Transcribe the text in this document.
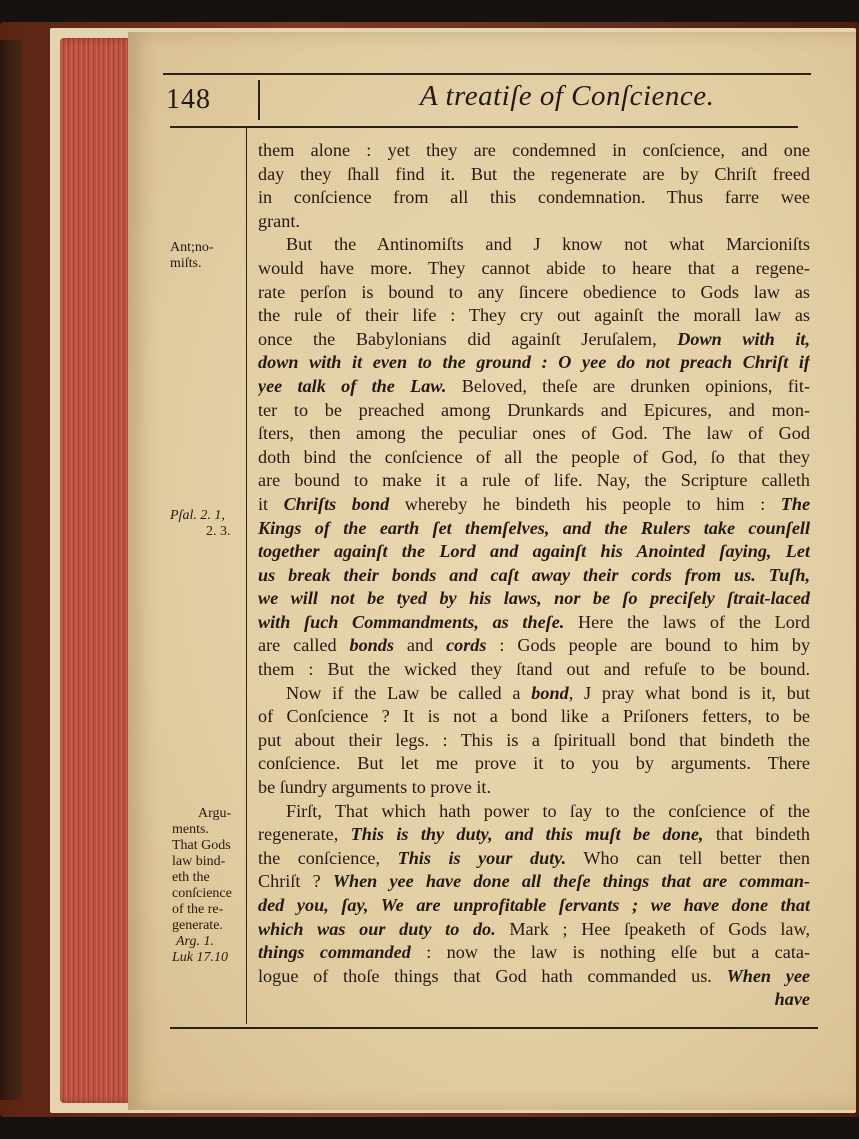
148	A treatiſe of Conſcience.
Ant;no-
miſts.
Pſal. 2. 1,
2. 3.
Argu-
ments.
That Gods
law bind-
eth the
conſcience
of the re-
generate.
Arg. 1.
Luk 17.10
them alone : yet they are condemned in conſcience, and one
day they ſhall find it. But the regenerate are by Chriſt freed
in conſcience from all this condemnation. Thus farre wee
grant.
But the Antinomiſts and J know not what Marcioniſts
would have more. They cannot abide to heare that a regene-
rate perſon is bound to any ſincere obedience to Gods law as
the rule of their life : They cry out againſt the morall law as
once the Babylonians did againſt Jeruſalem, Down with it,
down with it even to the ground : O yee do not preach Chriſt if
yee talk of the Law. Beloved, theſe are drunken opinions, fit-
ter to be preached among Drunkards and Epicures, and mon-
ſters, then among the peculiar ones of God. The law of God
doth bind the conſcience of all the people of God, ſo that they
are bound to make it a rule of life. Nay, the Scripture calleth
it Chriſts bond whereby he bindeth his people to him : The
Kings of the earth ſet themſelves, and the Rulers take counſell
together againſt the Lord and againſt his Anointed ſaying, Let
us break their bonds and caſt away their cords from us. Tuſh,
we will not be tyed by his laws, nor be ſo preciſely ſtrait-laced
with ſuch Commandments, as theſe. Here the laws of the Lord
are called bonds and cords : Gods people are bound to him by
them : But the wicked they ſtand out and refuſe to be bound.
Now if the Law be called a bond, J pray what bond is it, but
of Conſcience ? It is not a bond like a Priſoners fetters, to be
put about their legs. : This is a ſpirituall bond that bindeth the
conſcience. But let me prove it to you by arguments. There
be ſundry arguments to prove it.
Firſt, That which hath power to ſay to the conſcience of the
regenerate, This is thy duty, and this muſt be done, that bindeth
the conſcience, This is your duty. Who can tell better then
Chriſt ? When yee have done all theſe things that are comman-
ded you, ſay, We are unprofitable ſervants ; we have done that
which was our duty to do. Mark ; Hee ſpeaketh of Gods law,
things commanded : now the law is nothing elſe but a cata-
logue of thoſe things that God hath commanded us. When yee
have
